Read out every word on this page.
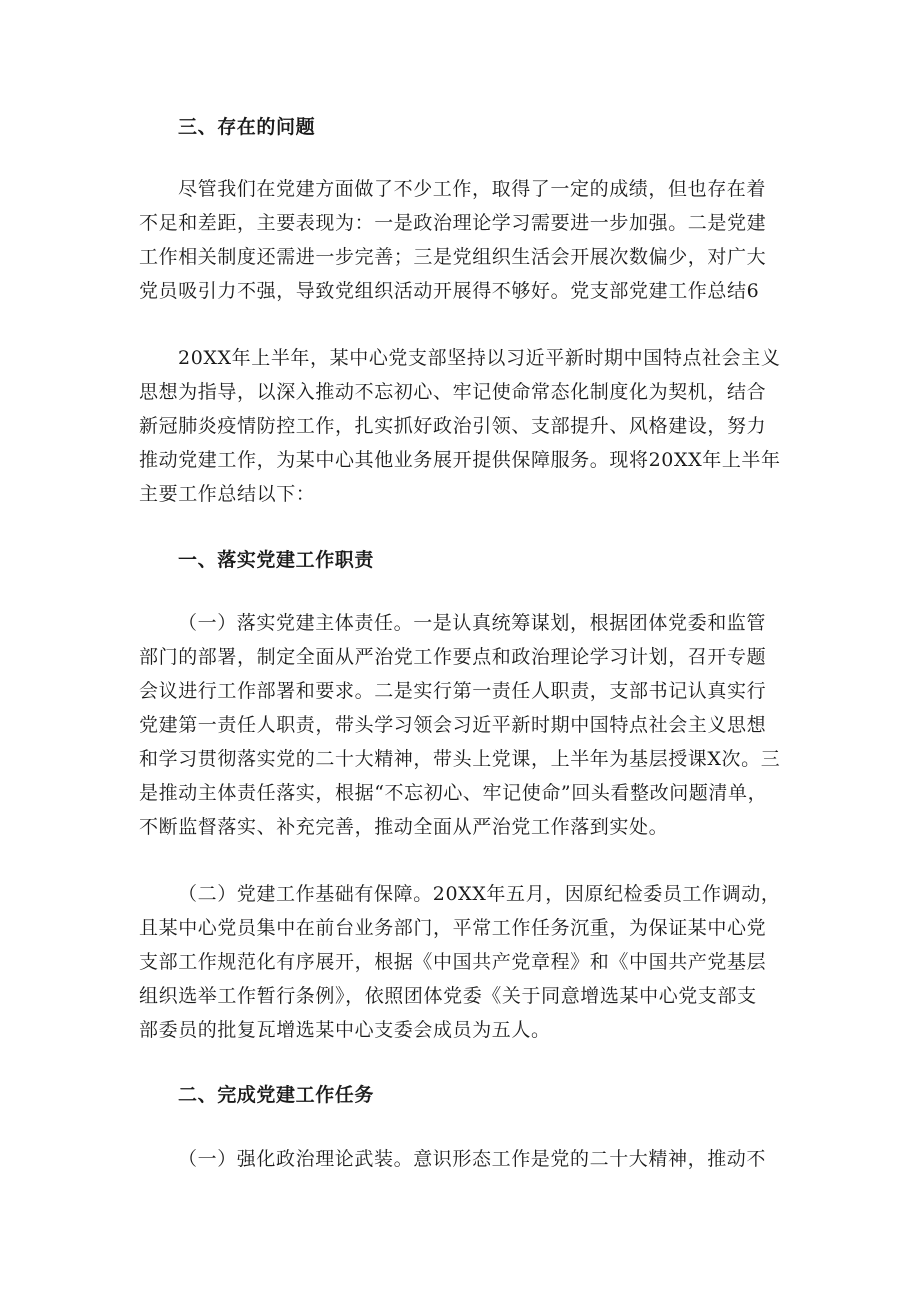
三、存在的问题
尽管我们在党建方面做了不少工作，取得了一定的成绩，但也存在着
不足和差距，主要表现为：一是政治理论学习需要进一步加强。二是党建
工作相关制度还需进一步完善；三是党组织生活会开展次数偏少，对广大
党员吸引力不强，导致党组织活动开展得不够好。党支部党建工作总结6
20XX年上半年，某中心党支部坚持以习近平新时期中国特点社会主义
思想为指导，以深入推动不忘初心、牢记使命常态化制度化为契机，结合
新冠肺炎疫情防控工作，扎实抓好政治引领、支部提升、风格建设，努力
推动党建工作，为某中心其他业务展开提供保障服务。现将20XX年上半年
主要工作总结以下：
一、落实党建工作职责
（一）落实党建主体责任。一是认真统筹谋划，根据团体党委和监管
部门的部署，制定全面从严治党工作要点和政治理论学习计划，召开专题
会议进行工作部署和要求。二是实行第一责任人职责，支部书记认真实行
党建第一责任人职责，带头学习领会习近平新时期中国特点社会主义思想
和学习贯彻落实党的二十大精神，带头上党课，上半年为基层授课X次。三
是推动主体责任落实，根据“不忘初心、牢记使命”回头看整改问题清单，
不断监督落实、补充完善，推动全面从严治党工作落到实处。
（二）党建工作基础有保障。20XX年五月，因原纪检委员工作调动，
且某中心党员集中在前台业务部门，平常工作任务沉重，为保证某中心党
支部工作规范化有序展开，根据《中国共产党章程》和《中国共产党基层
组织选举工作暂行条例》，依照团体党委《关于同意增选某中心党支部支
部委员的批复瓦增选某中心支委会成员为五人。
二、完成党建工作任务
（一）强化政治理论武装。意识形态工作是党的二十大精神，推动不
